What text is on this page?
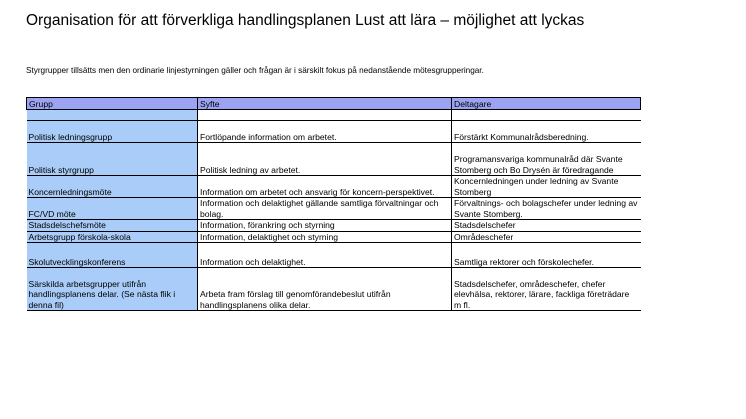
Organisation för att förverkliga handlingsplanen Lust att lära – möjlighet att lyckas
Styrgrupper tillsätts men den ordinarie linjestyrningen gäller och frågan är i särskilt fokus på nedanstående mötesgrupperingar.
Grupp	Syfte	Deltagare

Politisk ledningsgrupp	Fortlöpande information om arbetet.	Förstärkt Kommunalrådsberedning.
Politisk styrgrupp	Politisk ledning av arbetet.	Programansvariga kommunalråd där Svante Stomberg och Bo Drysén är föredragande
Koncernledningsmöte	Information om arbetet och ansvarig för koncern-perspektivet.	Koncernledningen under ledning av Svante Stomberg
FC/VD möte	Information och delaktighet gällande samtliga förvaltningar och bolag.	Förvaltnings- och bolagschefer under ledning av Svante Stomberg.
Stadsdelschefsmöte	Information, förankring och styrning	Stadsdelschefer
Arbetsgrupp förskola-skola	Information, delaktighet och styrning	Områdeschefer
Skolutvecklingskonferens	Information och delaktighet.	Samtliga rektorer och förskolechefer.
Särskilda arbetsgrupper utifrån handlingsplanens delar. (Se nästa flik i denna fil)	Arbeta fram förslag till genomförandebeslut utifrån handlingsplanens olika delar.	Stadsdelschefer, områdeschefer, chefer elevhälsa, rektorer, lärare, fackliga företrädare m fl.
